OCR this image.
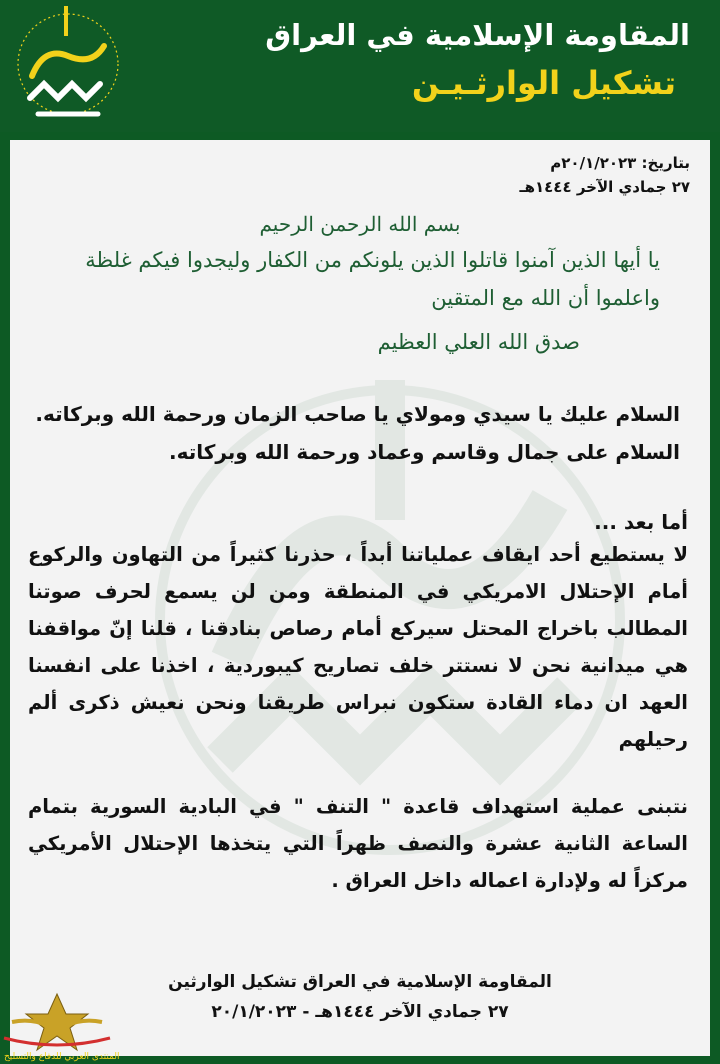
المقاومة الإسلامية في العراق
تشكيل الوارثـيـن
بتاريخ: ٢٠/١/٢٠٢٣م
٢٧ جمادي الآخر ١٤٤٤هـ
بسم الله الرحمن الرحيم
يا أيها الذين آمنوا قاتلوا الذين يلونكم من الكفار وليجدوا فيكم غلظة
واعلموا أن الله مع المتقين
صدق الله العلي العظيم
السلام عليك يا سيدي ومولاي يا صاحب الزمان ورحمة الله وبركاته.
السلام على جمال وقاسم وعماد ورحمة الله وبركاته.
أما بعد ...
لا يستطيع أحد ايقاف عملياتنا أبداً ، حذرنا كثيراً من التهاون والركوع أمام الإحتلال الامريكي في المنطقة ومن لن يسمع لحرف صوتنا المطالب باخراج المحتل سيركع أمام رصاص بنادقنا ، قلنا إنّ مواقفنا هي ميدانية نحن لا نستتر خلف تصاريح كيبوردية ، اخذنا على انفسنا العهد ان دماء القادة ستكون نبراس طريقنا ونحن نعيش ذكرى ألم رحيلهم
نتبنى عملية استهداف قاعدة " التنف " في البادية السورية بتمام الساعة الثانية عشرة والنصف ظهراً التي يتخذها الإحتلال الأمريكي مركزاً له ولإدارة اعماله داخل العراق .
المقاومة الإسلامية في العراق تشكيل الوارثين
٢٧ جمادي الآخر ١٤٤٤هـ - ٢٠/١/٢٠٢٣
المنتدى العربي للدفاع والتسليح
